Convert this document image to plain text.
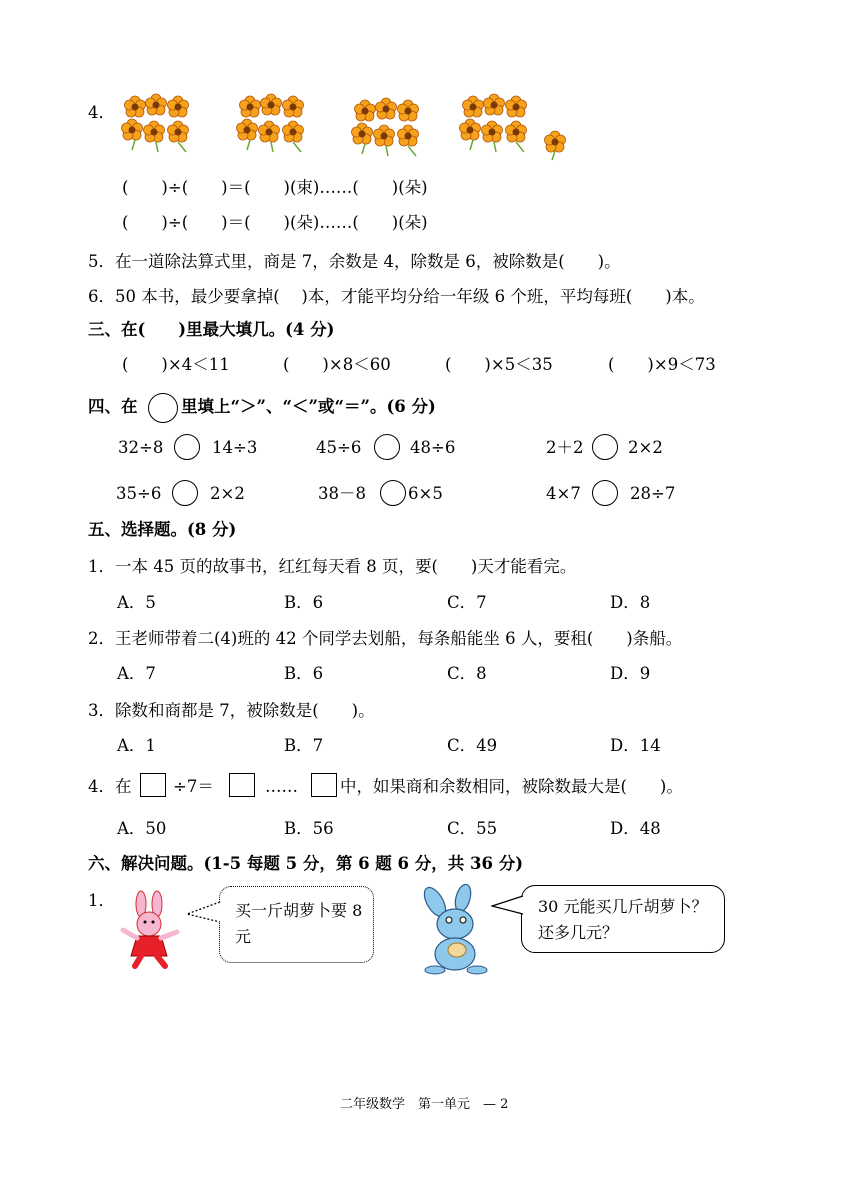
4．
(　　)÷(　　)＝(　　)(束)……(　　)(朵)
(　　)÷(　　)＝(　　)(朵)……(　　)(朵)
5．在一道除法算式里，商是 7，余数是 4，除数是 6，被除数是(　　)。
6．50 本书，最少要拿掉(　 )本，才能平均分给一年级 6 个班，平均每班(　　)本。
三、在(　　)里最大填几。(4 分)
(　　)×4＜11	(　　)×8＜60	(　　)×5＜35	(　　)×9＜73
四、在	里填上“＞”、“＜”或“＝”。(6 分)
32÷8	14÷3	45÷6	48÷6	2＋2	2×2
35÷6	2×2	38－8	6×5	4×7	28÷7
五、选择题。(8 分)
1．一本 45 页的故事书，红红每天看 8 页，要(　　)天才能看完。
A．5	B．6	C．7	D．8
2．王老师带着二(4)班的 42 个同学去划船，每条船能坐 6 人，要租(　　)条船。
A．7	B．6	C．8	D．9
3．除数和商都是 7，被除数是(　　)。
A．1	B．7	C．49	D．14
4．在	÷7＝	……	中，如果商和余数相同，被除数最大是(　　)。
A．50	B．56	C．55	D．48
六、解决问题。(1-5 每题 5 分，第 6 题 6 分，共 36 分)
1．
买一斤胡萝卜要 8 元
30 元能买几斤胡萝卜？还多几元？
二年级数学　第一单元　— 2
